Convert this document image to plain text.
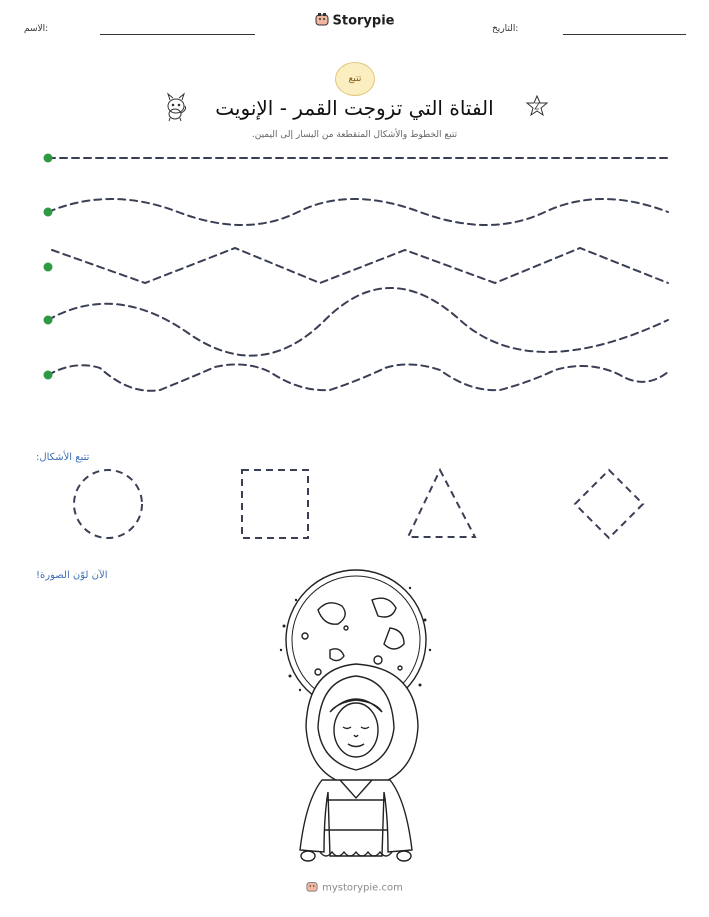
الاسم:
Storypie
التاريخ:
تتبع
الفتاة التي تزوجت القمر - الإنويت
تتبع الخطوط والأشكال المتقطعة من اليسار إلى اليمين.
تتبع الأشكال:
الآن لوّن الصورة!
mystorypie.com
